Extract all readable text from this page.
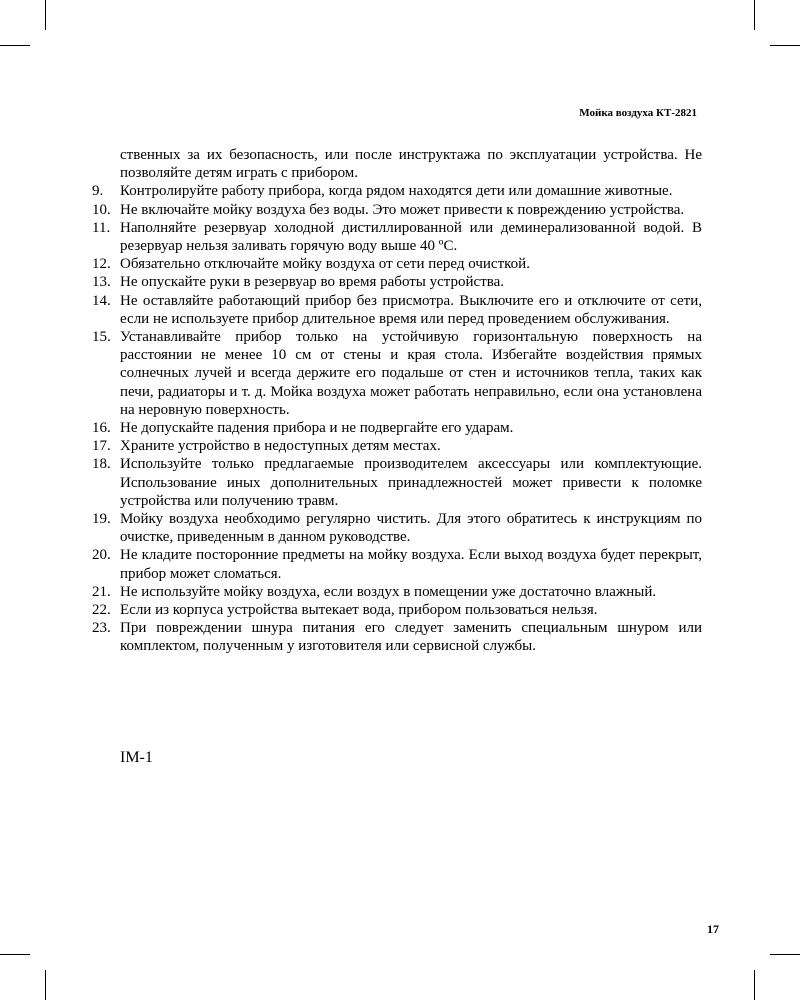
Мойка воздуха КТ-2821
ственных за их безопасность, или после инструктажа по эксплуатации устройства. Не позволяйте детям играть с прибором.
9.	Контролируйте работу прибора, когда рядом находятся дети или домашние животные.
10. Не включайте мойку воздуха без воды. Это может привести к повреждению устройства.
11. Наполняйте резервуар холодной дистиллированной или деминерализованной водой. В резервуар нельзя заливать горячую воду выше 40 ºС.
12. Обязательно отключайте мойку воздуха от сети перед очисткой.
13. Не опускайте руки в резервуар во время работы устройства.
14. Не оставляйте работающий прибор без присмотра. Выключите его и отключите от сети, если не используете прибор длительное время или перед проведением обслуживания.
15. Устанавливайте прибор только на устойчивую горизонтальную поверхность на расстоянии не менее 10 см от стены и края стола. Избегайте воздействия прямых солнечных лучей и всегда держите его подальше от стен и источников тепла, таких как печи, радиаторы и т. д. Мойка воздуха может работать неправильно, если она установлена на неровную поверхность.
16. Не допускайте падения прибора и не подвергайте его ударам.
17. Храните устройство в недоступных детям местах.
18. Используйте только предлагаемые производителем аксессуары или комплектующие. Использование иных дополнительных принадлежностей может привести к поломке устройства или получению травм.
19. Мойку воздуха необходимо регулярно чистить. Для этого обратитесь к инструкциям по очистке, приведенным в данном руководстве.
20. Не кладите посторонние предметы на мойку воздуха. Если выход воздуха будет перекрыт, прибор может сломаться.
21. Не используйте мойку воздуха, если воздух в помещении уже достаточно влажный.
22. Если из корпуса устройства вытекает вода, прибором пользоваться нельзя.
23. При повреждении шнура питания его следует заменить специальным шнуром или комплектом, полученным у изготовителя или сервисной службы.
IM-1
17
